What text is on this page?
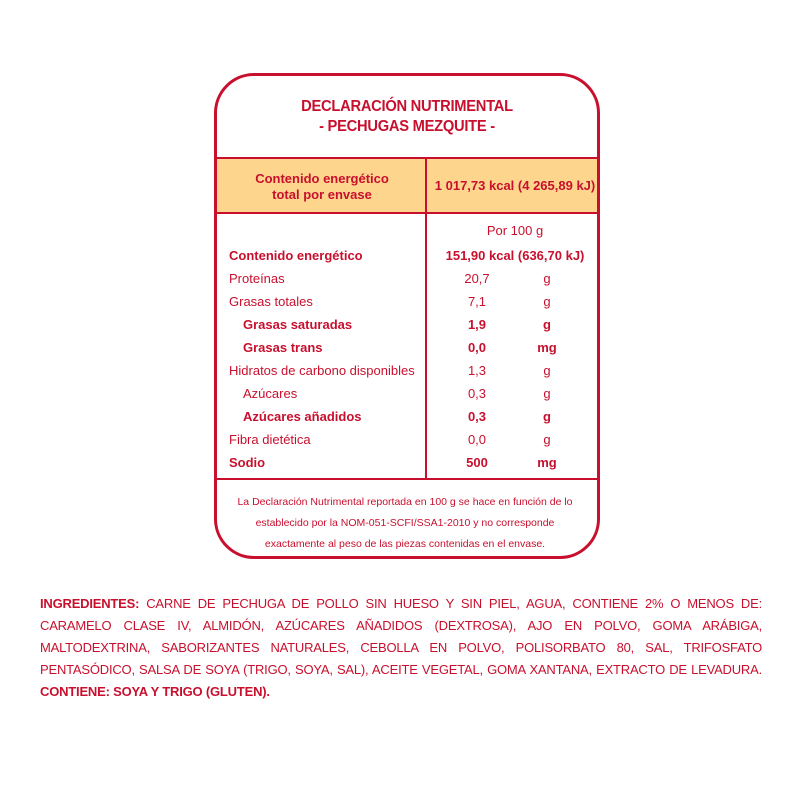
DECLARACIÓN NUTRIMENTAL
- PECHUGAS MEZQUITE -
Contenido energético
total por envase
1 017,73 kcal (4 265,89 kJ)
Por 100 g
Contenido energético	151,90 kcal (636,70 kJ)
Proteínas	20,7	g
Grasas totales	7,1	g
Grasas saturadas	1,9	g
Grasas trans	0,0	mg
Hidratos de carbono disponibles	1,3	g
Azúcares	0,3	g
Azúcares añadidos	0,3	g
Fibra dietética	0,0	g
Sodio	500	mg
La Declaración Nutrimental reportada en 100 g se hace en función de lo establecido por la NOM-051-SCFI/SSA1-2010 y no corresponde exactamente al peso de las piezas contenidas en el envase.
INGREDIENTES: CARNE DE PECHUGA DE POLLO SIN HUESO Y SIN PIEL, AGUA, CONTIENE 2% O MENOS DE: CARAMELO CLASE IV, ALMIDÓN, AZÚCARES AÑADIDOS (DEXTROSA), AJO EN POLVO, GOMA ARÁBIGA, MALTODEXTRINA, SABORIZANTES NATURALES, CEBOLLA EN POLVO, POLISORBATO 80, SAL, TRIFOSFATO PENTASÓDICO, SALSA DE SOYA (TRIGO, SOYA, SAL), ACEITE VEGETAL, GOMA XANTANA, EXTRACTO DE LEVADURA. CONTIENE: SOYA Y TRIGO (GLUTEN).
